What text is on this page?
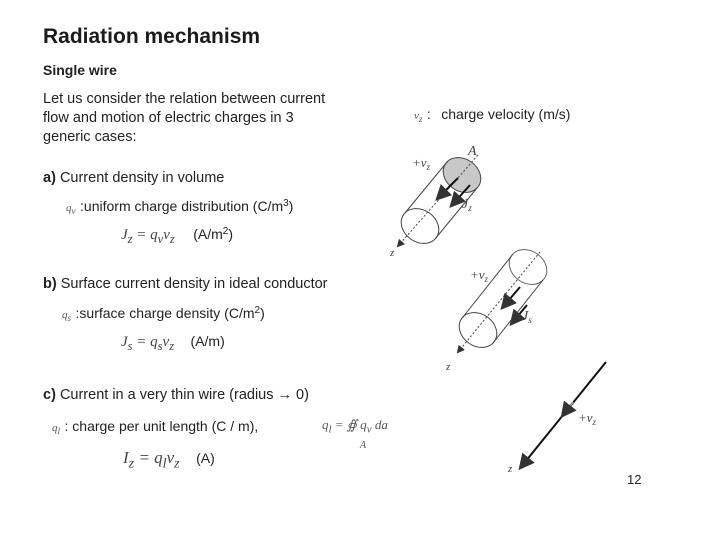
Radiation mechanism
Single wire
Let us consider the relation between current flow and motion of electric charges in 3 generic cases:
$v_z$ : charge velocity (m/s)
a) Current density in volume
$q_v$ :uniform charge distribution $(C/m^3)$
$J_z = q_vv_z$ $(A/m^2)$
b) Surface current density in ideal conductor
$q_s$ :surface charge density $(C/m^2)$
$J_s = q_sv_z$ (A/m)
c) Current in a very thin wire (radius → 0)
$q_l$ : charge per unit length (C / m),	$q_l$ = ∯ $q_v$ da
A
$I_z = q_lv_z$ (A)
12
$+v_z$
A
$J_z$
z
$+v_z$
$J_s$
z
$+v_z$
z
